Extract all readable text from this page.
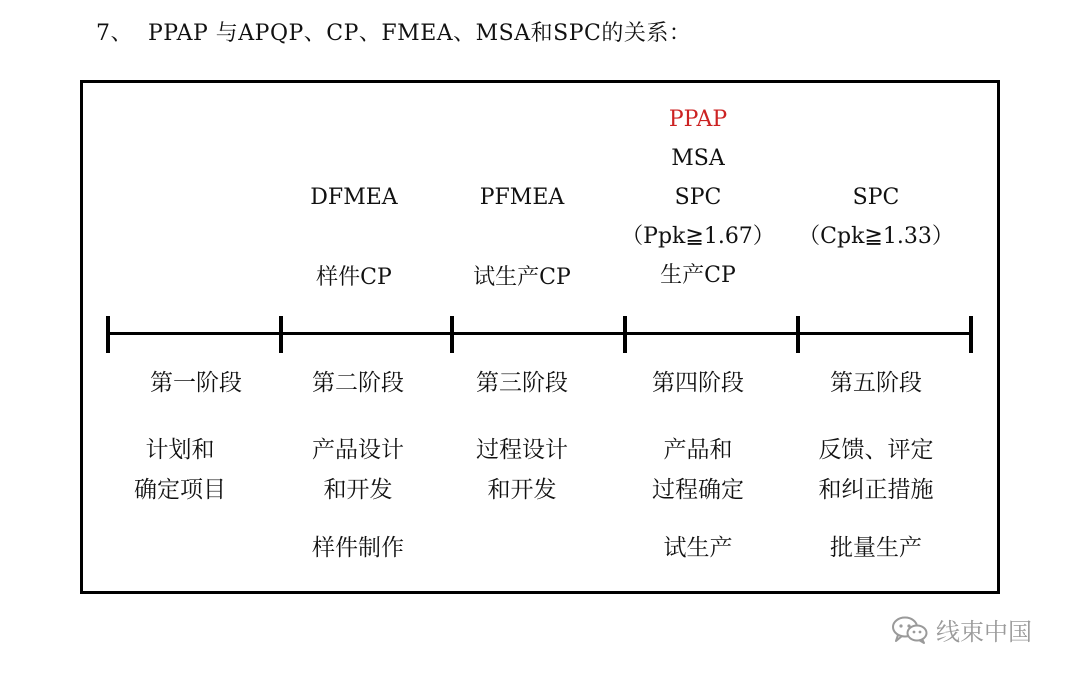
7、  PPAP 与APQP、CP、FMEA、MSA和SPC的关系：
第一阶段
计划和
确定项目
DFMEA
样件CP
第二阶段
产品设计
和开发
样件制作
PFMEA
试生产CP
第三阶段
过程设计
和开发
PPAP
MSA
SPC
（Ppk≧1.67）
生产CP
第四阶段
产品和
过程确定
试生产
SPC
（Cpk≧1.33）
第五阶段
反馈、评定
和纠正措施
批量生产
线束中国
